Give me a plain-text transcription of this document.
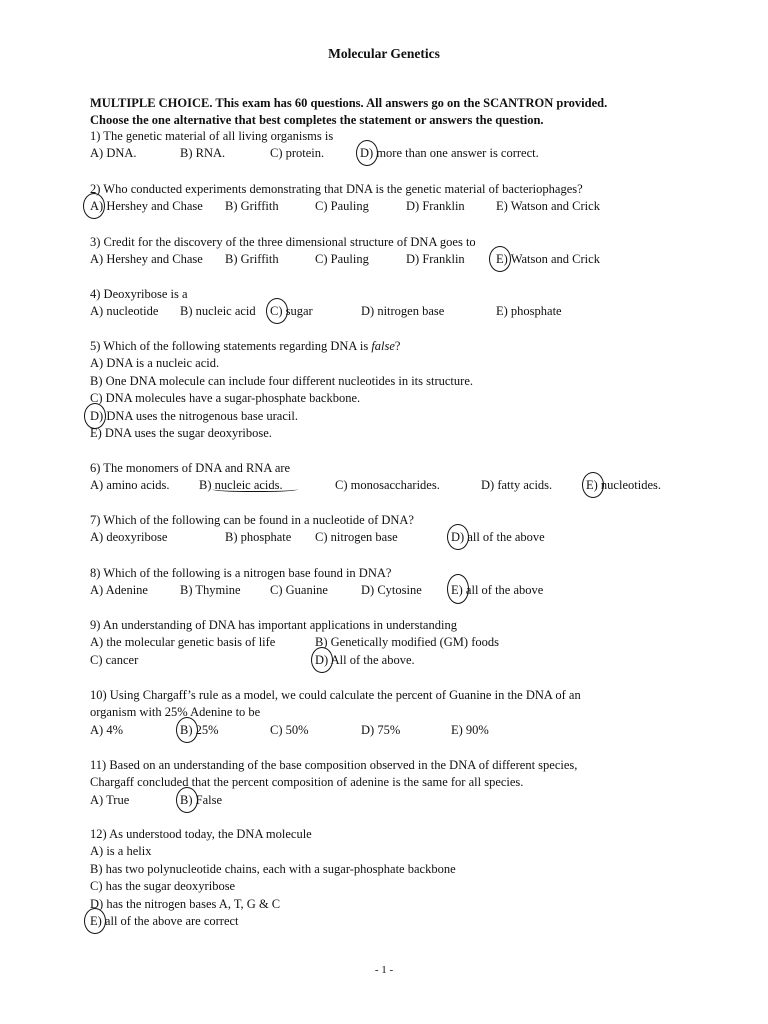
Molecular Genetics
MULTIPLE CHOICE. This exam has 60 questions. All answers go on the SCANTRON provided.
Choose the one alternative that best completes the statement or answers the question.
1) The genetic material of all living organisms is
A) DNA.	B) RNA.	C) protein.	D) more than one answer is correct.
2) Who conducted experiments demonstrating that DNA is the genetic material of bacteriophages?
A) Hershey and Chase B) Griffith	C) Pauling	D) Franklin	E) Watson and Crick
3) Credit for the discovery of the three dimensional structure of DNA goes to
A) Hershey and Chase B) Griffith	C) Pauling	D) Franklin	E) Watson and Crick
4) Deoxyribose is a
A) nucleotide B) nucleic acid C) sugar	D) nitrogen base	E) phosphate
5) Which of the following statements regarding DNA is false?
A) DNA is a nucleic acid.
B) One DNA molecule can include four different nucleotides in its structure.
C) DNA molecules have a sugar-phosphate backbone.
D) DNA uses the nitrogenous base uracil.
E) DNA uses the sugar deoxyribose.
6) The monomers of DNA and RNA are
A) amino acids. B) nucleic acids.	C) monosaccharides.	D) fatty acids.	E) nucleotides.
7) Which of the following can be found in a nucleotide of DNA?
A) deoxyribose	B) phosphate C) nitrogen base	D) all of the above
8) Which of the following is a nitrogen base found in DNA?
A) Adenine	B) Thymine C) Guanine	D) Cytosine E) all of the above
9) An understanding of DNA has important applications in understanding
A) the molecular genetic basis of life	B) Genetically modified (GM) foods
C) cancer	D) All of the above.
10) Using Chargaff’s rule as a model, we could calculate the percent of Guanine in the DNA of an
organism with 25% Adenine to be
A) 4%	B) 25%	C) 50%	D) 75%	E) 90%
11) Based on an understanding of the base composition observed in the DNA of different species,
Chargaff concluded that the percent composition of adenine is the same for all species.
A) True	B) False
12) As understood today, the DNA molecule
A) is a helix
B) has two polynucleotide chains, each with a sugar-phosphate backbone
C) has the sugar deoxyribose
D) has the nitrogen bases A, T, G & C
E) all of the above are correct
- 1 -
